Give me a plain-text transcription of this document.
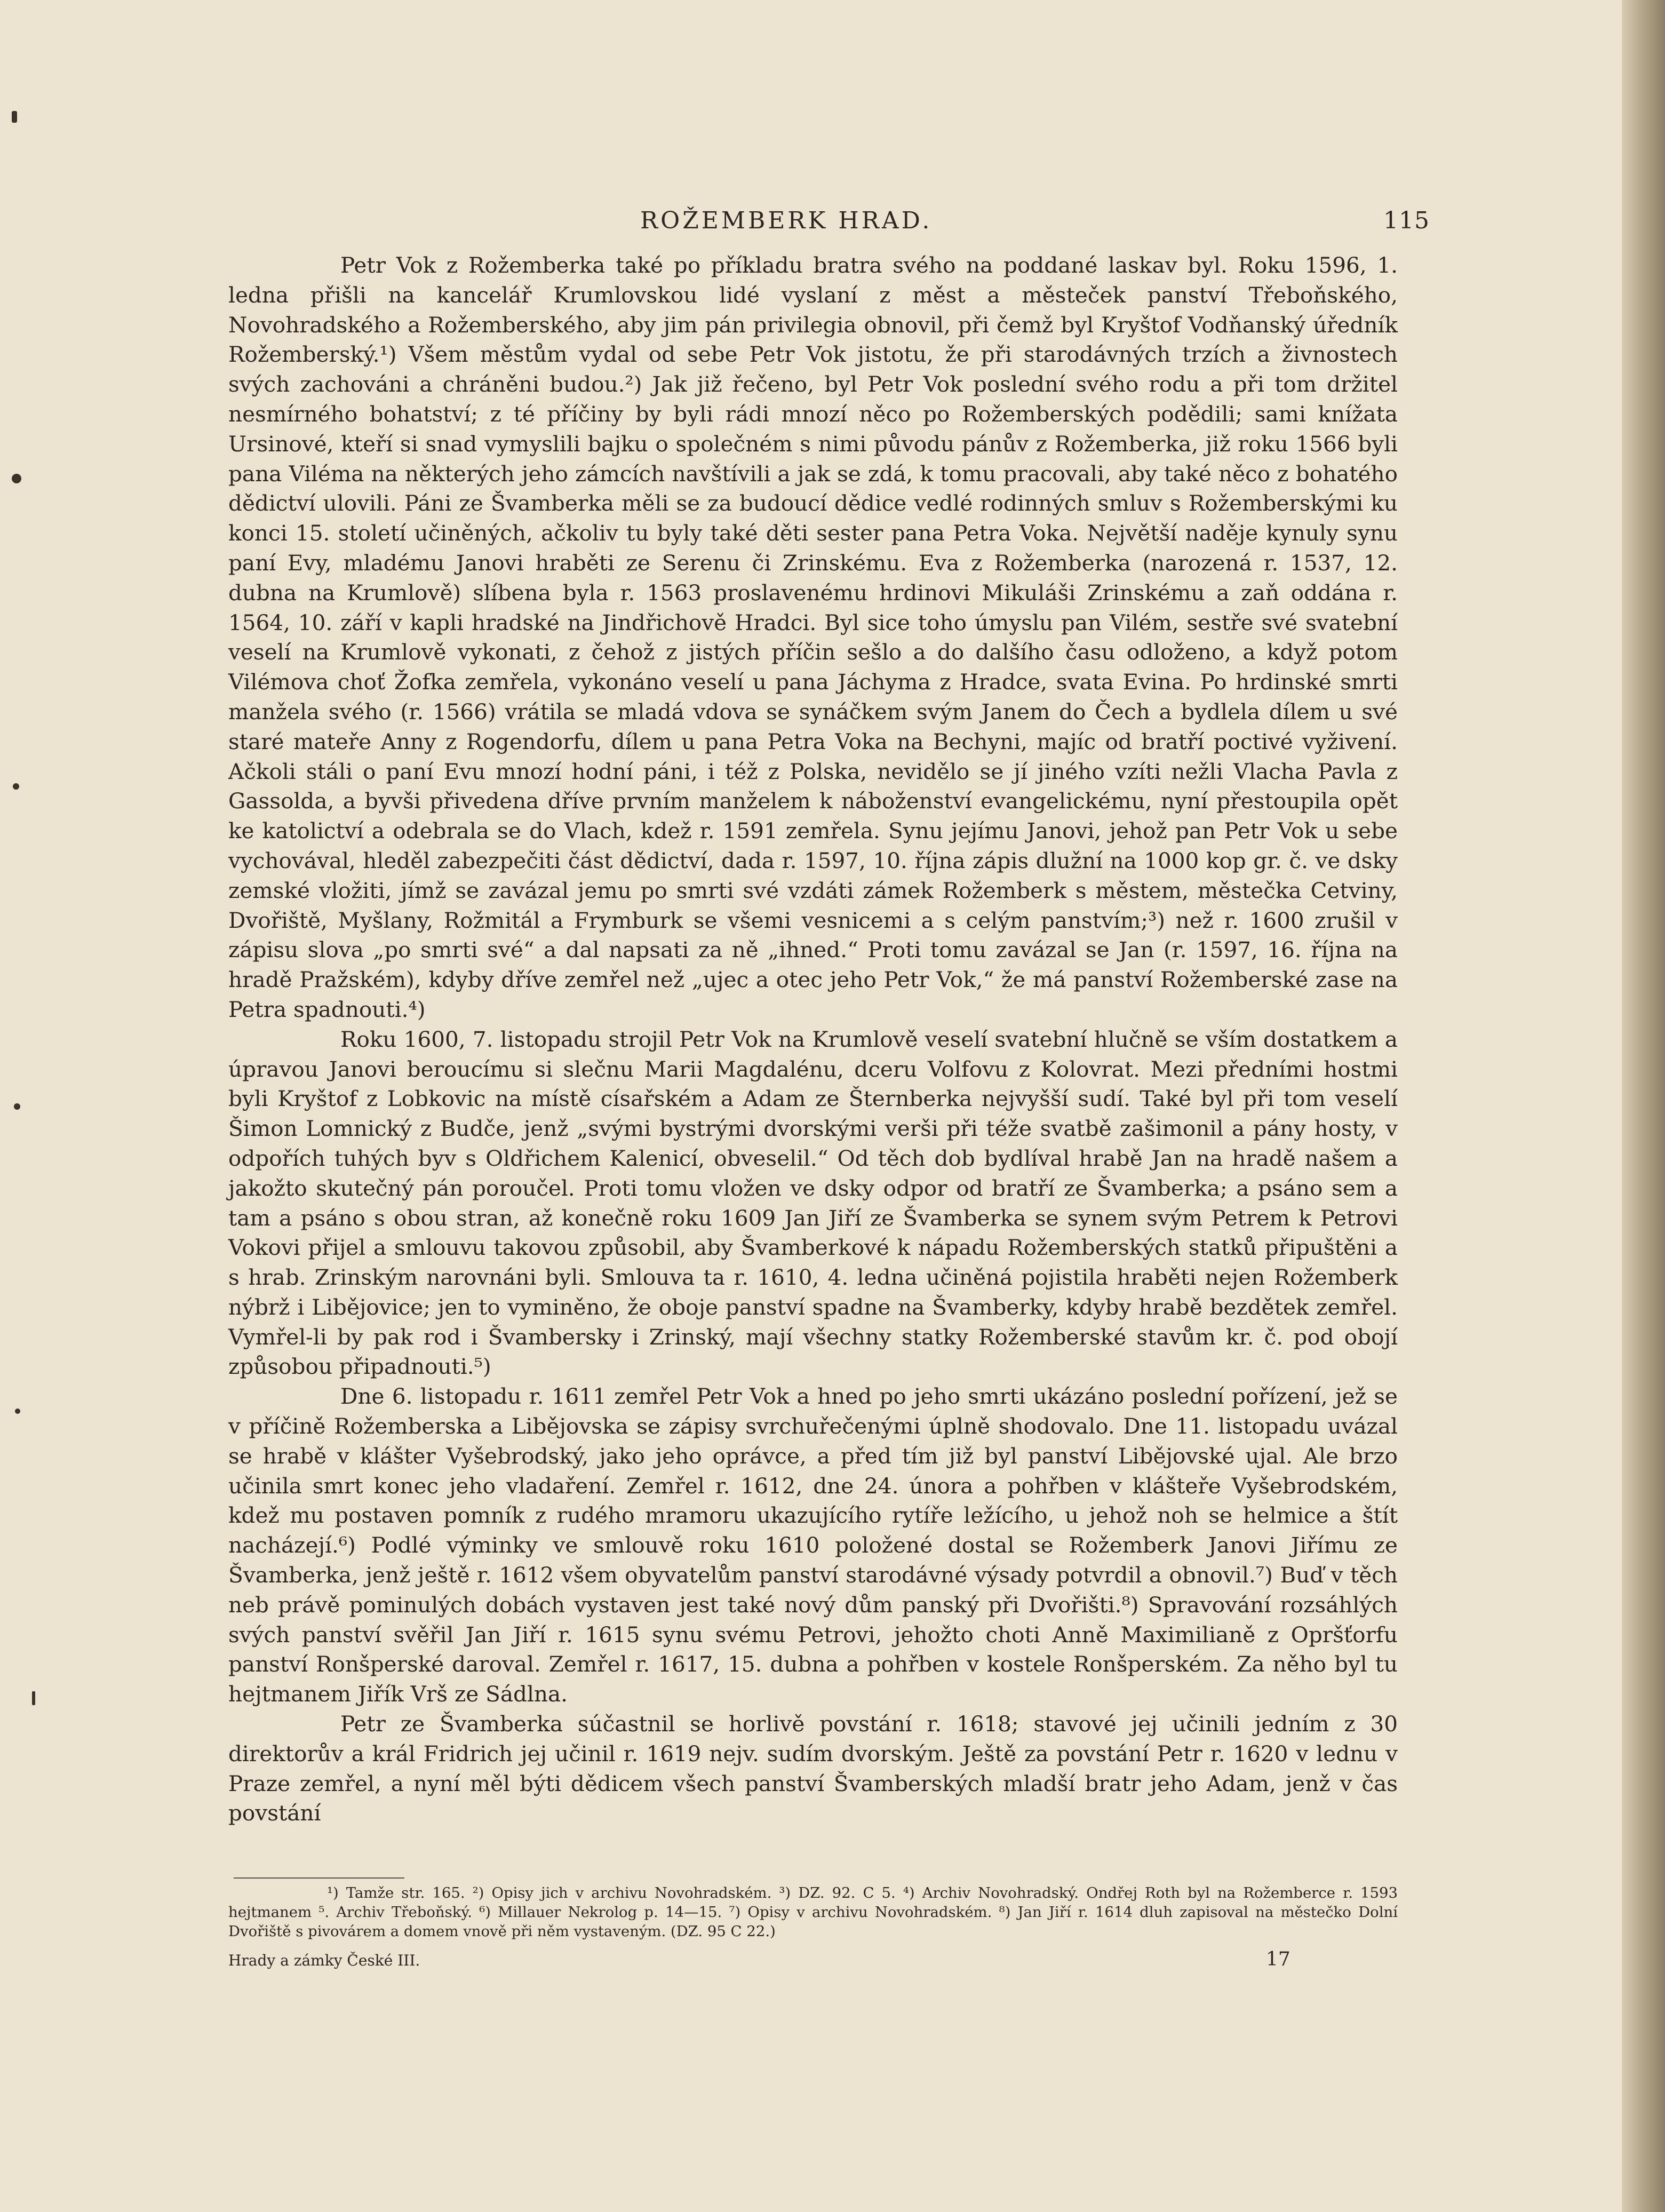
ROŽEMBERK HRAD.	115

Petr Vok z Rožemberka také po příkladu bratra svého na poddané laskav byl. Roku 1596, 1. ledna přišli na kancelář Krumlovskou lidé vyslaní z měst a městeček panství Třeboňského, Novohradského a Rožemberského, aby jim pán privilegia obnovil, při čemž byl Kryštof Vodňanský úředník Rožemberský.¹) Všem městům vydal od sebe Petr Vok jistotu, že při starodávných trzích a živnostech svých zachováni a chráněni budou.²) Jak již řečeno, byl Petr Vok poslední svého rodu a při tom držitel nesmírného bohatství; z té příčiny by byli rádi mnozí něco po Rožemberských podědili; sami knížata Ursinové, kteří si snad vymyslili bajku o společném s nimi původu pánův z Rožemberka, již roku 1566 byli pana Viléma na některých jeho zámcích navštívili a jak se zdá, k tomu pracovali, aby také něco z bohatého dědictví ulovili. Páni ze Švamberka měli se za budoucí dědice vedlé rodinných smluv s Rožemberskými ku konci 15. století učiněných, ačkoliv tu byly také děti sester pana Petra Voka. Největší naděje kynuly synu paní Evy, mladému Janovi hraběti ze Serenu či Zrinskému. Eva z Rožemberka (narozená r. 1537, 12. dubna na Krumlově) slíbena byla r. 1563 proslavenému hrdinovi Mikuláši Zrinskému a zaň oddána r. 1564, 10. září v kapli hradské na Jindřichově Hradci. Byl sice toho úmyslu pan Vilém, sestře své svatební veselí na Krumlově vykonati, z čehož z jistých příčin sešlo a do dalšího času odloženo, a když potom Vilémova choť Žofka zemřela, vykonáno veselí u pana Jáchyma z Hradce, svata Evina. Po hrdinské smrti manžela svého (r. 1566) vrátila se mladá vdova se synáčkem svým Janem do Čech a bydlela dílem u své staré mateře Anny z Rogendorfu, dílem u pana Petra Voka na Bechyni, majíc od bratří poctivé vyživení. Ačkoli stáli o paní Evu mnozí hodní páni, i též z Polska, nevidělo se jí jiného vzíti nežli Vlacha Pavla z Gassolda, a byvši přivedena dříve prvním manželem k náboženství evangelickému, nyní přestoupila opět ke katolictví a odebrala se do Vlach, kdež r. 1591 zemřela. Synu jejímu Janovi, jehož pan Petr Vok u sebe vychovával, hleděl zabezpečiti část dědictví, dada r. 1597, 10. října zápis dlužní na 1000 kop gr. č. ve dsky zemské vložiti, jímž se zavázal jemu po smrti své vzdáti zámek Rožemberk s městem, městečka Cetviny, Dvořiště, Myšlany, Rožmitál a Frymburk se všemi vesnicemi a s celým panstvím;³) než r. 1600 zrušil v zápisu slova „po smrti své“ a dal napsati za ně „ihned.“ Proti tomu zavázal se Jan (r. 1597, 16. října na hradě Pražském), kdyby dříve zemřel než „ujec a otec jeho Petr Vok,“ že má panství Rožemberské zase na Petra spadnouti.⁴)

Roku 1600, 7. listopadu strojil Petr Vok na Krumlově veselí svatební hlučně se vším dostatkem a úpravou Janovi beroucímu si slečnu Marii Magdalénu, dceru Volfovu z Kolovrat. Mezi předními hostmi byli Kryštof z Lobkovic na místě císařském a Adam ze Šternberka nejvyšší sudí. Také byl při tom veselí Šimon Lomnický z Budče, jenž „svými bystrými dvorskými verši při téže svatbě zašimonil a pány hosty, v odpořích tuhých byv s Oldřichem Kalenicí, obveselil.“ Od těch dob bydlíval hrabě Jan na hradě našem a jakožto skutečný pán poroučel. Proti tomu vložen ve dsky odpor od bratří ze Švamberka; a psáno sem a tam a psáno s obou stran, až konečně roku 1609 Jan Jiří ze Švamberka se synem svým Petrem k Petrovi Vokovi přijel a smlouvu takovou způsobil, aby Švamberkové k nápadu Rožemberských statků připuštěni a s hrab. Zrinským narovnáni byli. Smlouva ta r. 1610, 4. ledna učiněná pojistila hraběti nejen Rožemberk nýbrž i Libějovice; jen to vyminěno, že oboje panství spadne na Švamberky, kdyby hrabě bezdětek zemřel. Vymřel-li by pak rod i Švambersky i Zrinský, mají všechny statky Rožemberské stavům kr. č. pod obojí způsobou připadnouti.⁵)

Dne 6. listopadu r. 1611 zemřel Petr Vok a hned po jeho smrti ukázáno poslední pořízení, jež se v příčině Rožemberska a Libějovska se zápisy svrchuřečenými úplně shodovalo. Dne 11. listopadu uvázal se hrabě v klášter Vyšebrodský, jako jeho oprávce, a před tím již byl panství Libějovské ujal. Ale brzo učinila smrt konec jeho vladaření. Zemřel r. 1612, dne 24. února a pohřben v klášteře Vyšebrodském, kdež mu postaven pomník z rudého mramoru ukazujícího rytíře ležícího, u jehož noh se helmice a štít nacházejí.⁶) Podlé výminky ve smlouvě roku 1610 položené dostal se Rožemberk Janovi Jiřímu ze Švamberka, jenž ještě r. 1612 všem obyvatelům panství starodávné výsady potvrdil a obnovil.⁷) Buď v těch neb právě pominulých dobách vystaven jest také nový dům panský při Dvořišti.⁸) Spravování rozsáhlých svých panství svěřil Jan Jiří r. 1615 synu svému Petrovi, jehožto choti Anně Maximilianě z Opršťorfu panství Ronšperské daroval. Zemřel r. 1617, 15. dubna a pohřben v kostele Ronšperském. Za něho byl tu hejtmanem Jiřík Vrš ze Sádlna.

Petr ze Švamberka súčastnil se horlivě povstání r. 1618; stavové jej učinili jedním z 30 direktorův a král Fridrich jej učinil r. 1619 nejv. sudím dvorským. Ještě za povstání Petr r. 1620 v lednu v Praze zemřel, a nyní měl býti dědicem všech panství Švamberských mladší bratr jeho Adam, jenž v čas povstání

¹) Tamže str. 165. ²) Opisy jich v archivu Novohradském. ³) DZ. 92. C 5. ⁴) Archiv Novohradský. Ondřej Roth byl na Rožemberce r. 1593 hejtmanem ⁵. Archiv Třeboňský. ⁶) Millauer Nekrolog p. 14—15. ⁷) Opisy v archivu Novohradském. ⁸) Jan Jiří r. 1614 dluh zapisoval na městečko Dolní Dvořiště s pivovárem a domem vnově při něm vystaveným. (DZ. 95 C 22.)

Hrady a zámky České III.	17
